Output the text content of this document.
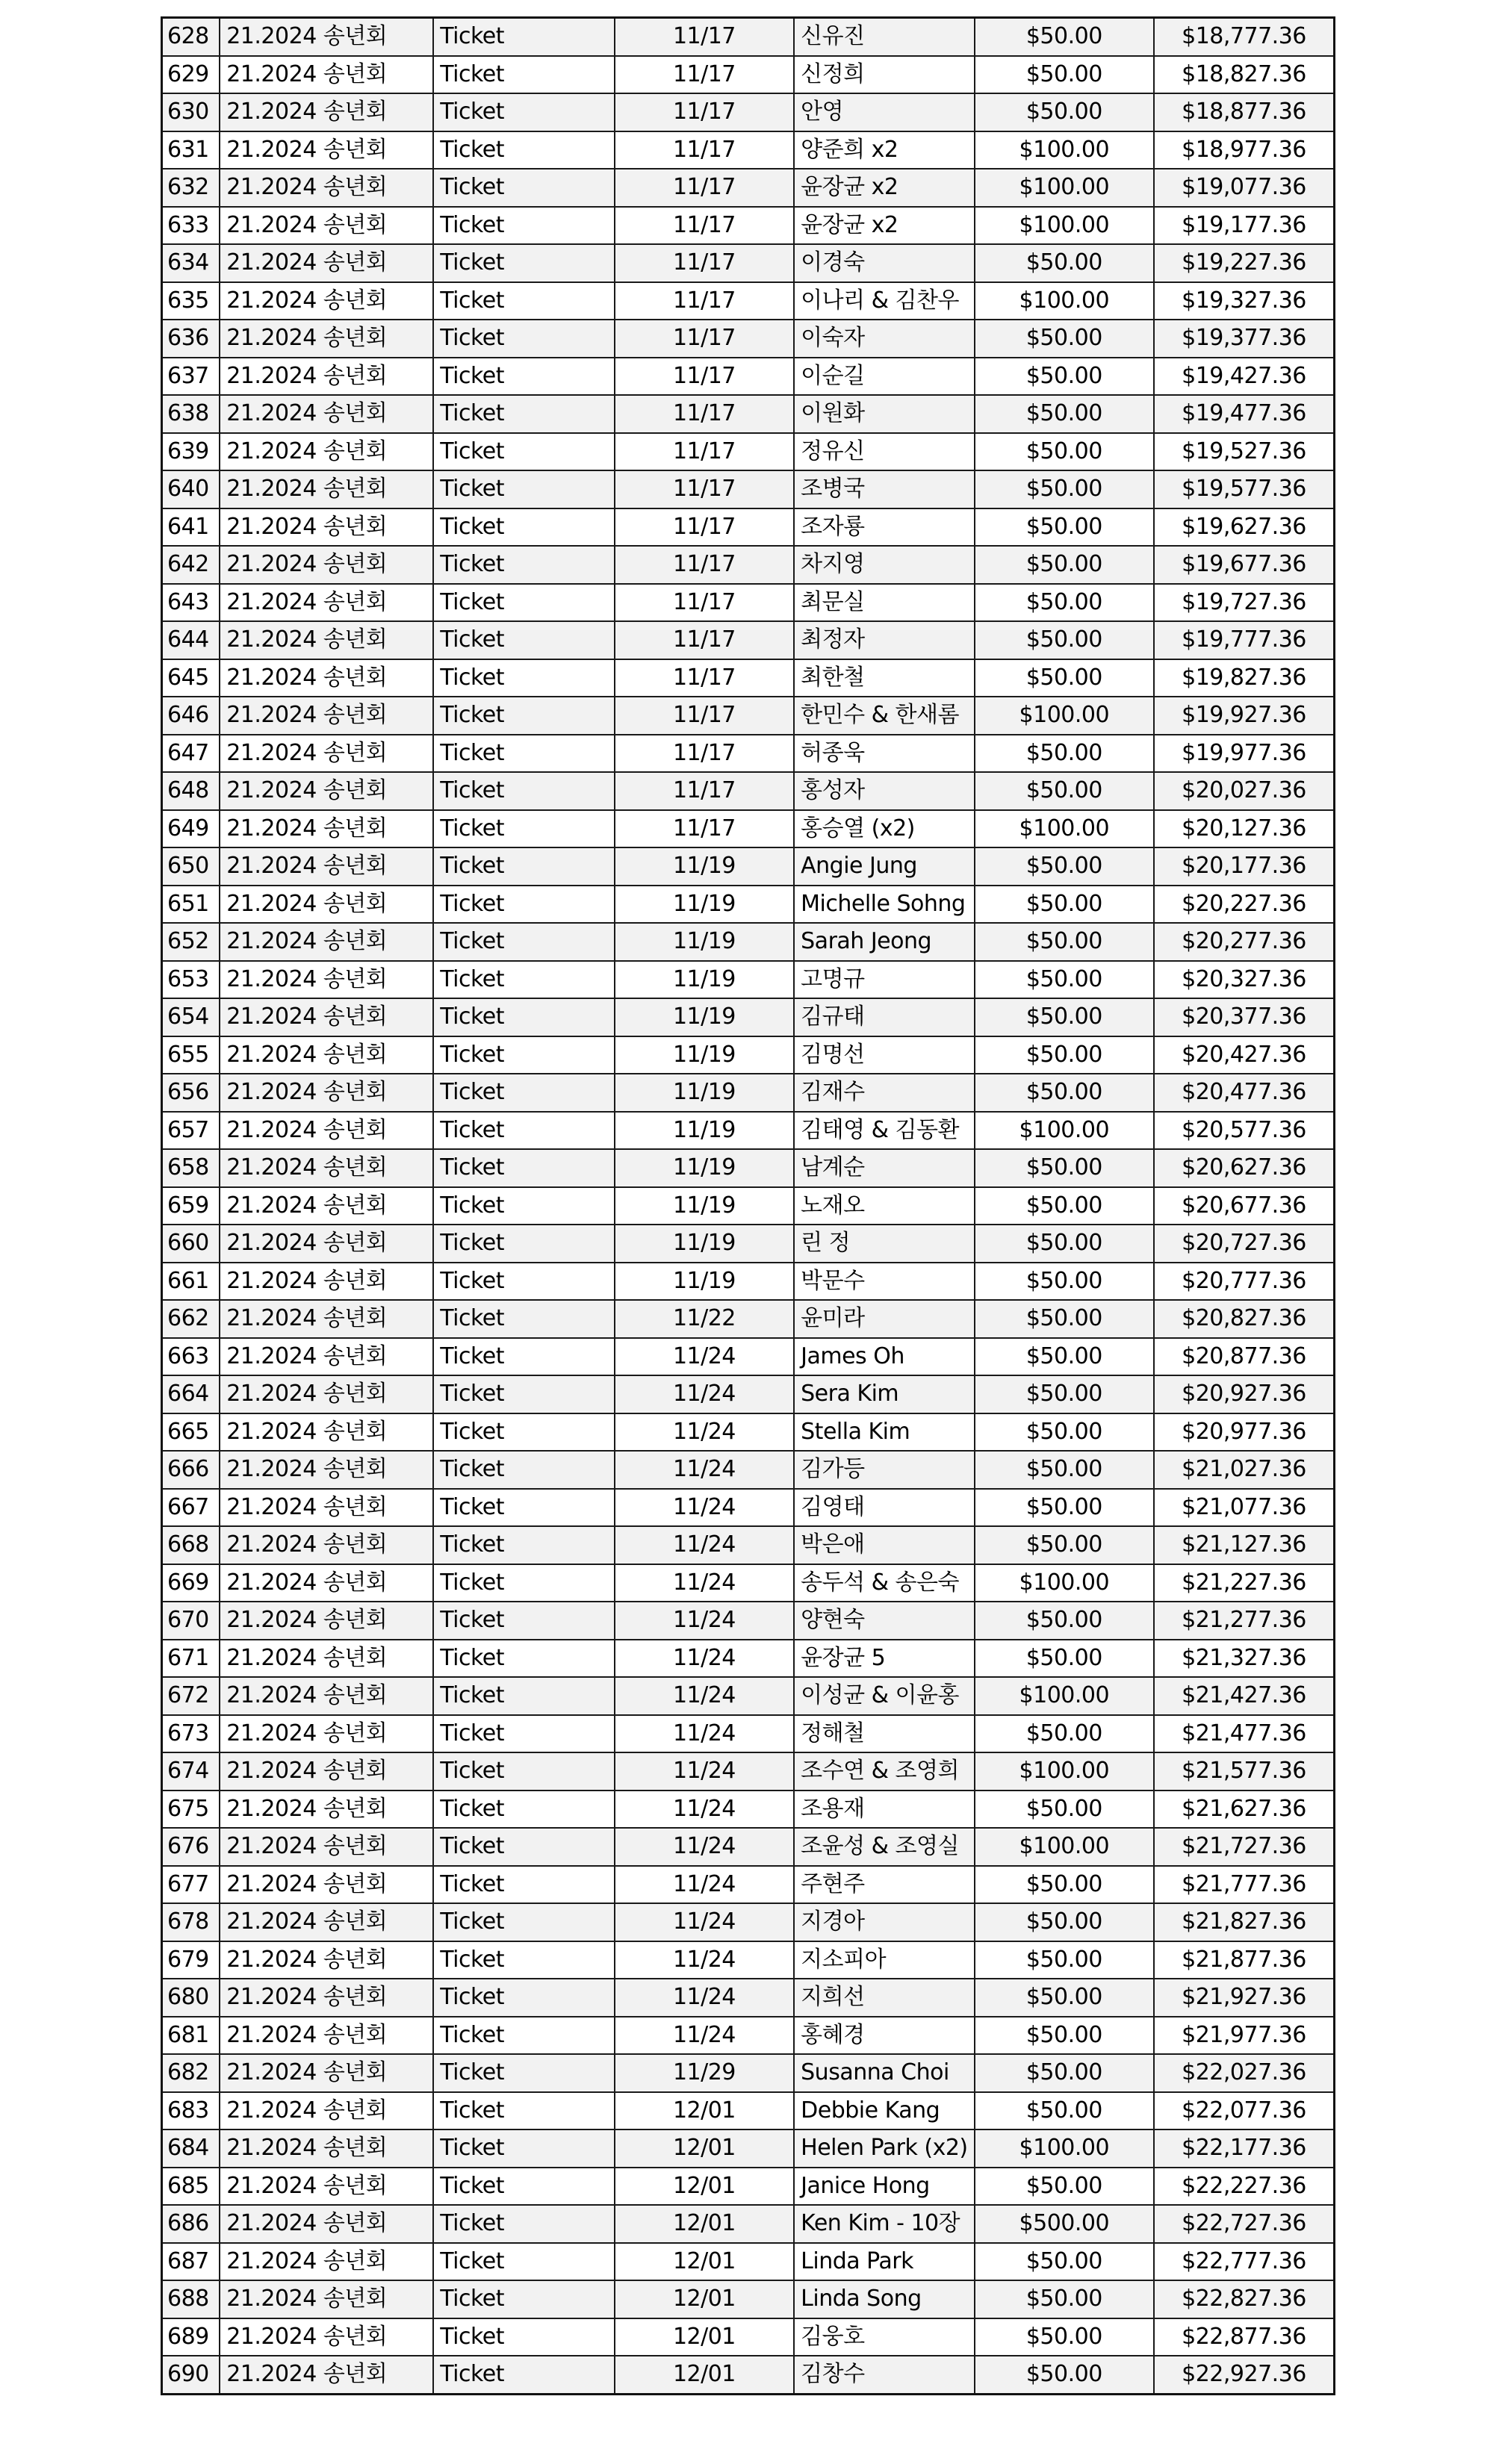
628	21.2024 송년회	Ticket	11/17	신유진	$50.00	$18,777.36
629	21.2024 송년회	Ticket	11/17	신정희	$50.00	$18,827.36
630	21.2024 송년회	Ticket	11/17	안영	$50.00	$18,877.36
631	21.2024 송년회	Ticket	11/17	양준희 x2	$100.00	$18,977.36
632	21.2024 송년회	Ticket	11/17	윤장균 x2	$100.00	$19,077.36
633	21.2024 송년회	Ticket	11/17	윤장균 x2	$100.00	$19,177.36
634	21.2024 송년회	Ticket	11/17	이경숙	$50.00	$19,227.36
635	21.2024 송년회	Ticket	11/17	이나리 & 김찬우	$100.00	$19,327.36
636	21.2024 송년회	Ticket	11/17	이숙자	$50.00	$19,377.36
637	21.2024 송년회	Ticket	11/17	이순길	$50.00	$19,427.36
638	21.2024 송년회	Ticket	11/17	이원화	$50.00	$19,477.36
639	21.2024 송년회	Ticket	11/17	정유신	$50.00	$19,527.36
640	21.2024 송년회	Ticket	11/17	조병국	$50.00	$19,577.36
641	21.2024 송년회	Ticket	11/17	조자룡	$50.00	$19,627.36
642	21.2024 송년회	Ticket	11/17	차지영	$50.00	$19,677.36
643	21.2024 송년회	Ticket	11/17	최문실	$50.00	$19,727.36
644	21.2024 송년회	Ticket	11/17	최정자	$50.00	$19,777.36
645	21.2024 송년회	Ticket	11/17	최한철	$50.00	$19,827.36
646	21.2024 송년회	Ticket	11/17	한민수 & 한새롬	$100.00	$19,927.36
647	21.2024 송년회	Ticket	11/17	허종욱	$50.00	$19,977.36
648	21.2024 송년회	Ticket	11/17	홍성자	$50.00	$20,027.36
649	21.2024 송년회	Ticket	11/17	홍승열 (x2)	$100.00	$20,127.36
650	21.2024 송년회	Ticket	11/19	Angie Jung	$50.00	$20,177.36
651	21.2024 송년회	Ticket	11/19	Michelle Sohng	$50.00	$20,227.36
652	21.2024 송년회	Ticket	11/19	Sarah Jeong	$50.00	$20,277.36
653	21.2024 송년회	Ticket	11/19	고명규	$50.00	$20,327.36
654	21.2024 송년회	Ticket	11/19	김규태	$50.00	$20,377.36
655	21.2024 송년회	Ticket	11/19	김명선	$50.00	$20,427.36
656	21.2024 송년회	Ticket	11/19	김재수	$50.00	$20,477.36
657	21.2024 송년회	Ticket	11/19	김태영 & 김동환	$100.00	$20,577.36
658	21.2024 송년회	Ticket	11/19	남계순	$50.00	$20,627.36
659	21.2024 송년회	Ticket	11/19	노재오	$50.00	$20,677.36
660	21.2024 송년회	Ticket	11/19	린 정	$50.00	$20,727.36
661	21.2024 송년회	Ticket	11/19	박문수	$50.00	$20,777.36
662	21.2024 송년회	Ticket	11/22	윤미라	$50.00	$20,827.36
663	21.2024 송년회	Ticket	11/24	James Oh	$50.00	$20,877.36
664	21.2024 송년회	Ticket	11/24	Sera Kim	$50.00	$20,927.36
665	21.2024 송년회	Ticket	11/24	Stella Kim	$50.00	$20,977.36
666	21.2024 송년회	Ticket	11/24	김가등	$50.00	$21,027.36
667	21.2024 송년회	Ticket	11/24	김영태	$50.00	$21,077.36
668	21.2024 송년회	Ticket	11/24	박은애	$50.00	$21,127.36
669	21.2024 송년회	Ticket	11/24	송두석 & 송은숙	$100.00	$21,227.36
670	21.2024 송년회	Ticket	11/24	양현숙	$50.00	$21,277.36
671	21.2024 송년회	Ticket	11/24	윤장균 5	$50.00	$21,327.36
672	21.2024 송년회	Ticket	11/24	이성균 & 이윤홍	$100.00	$21,427.36
673	21.2024 송년회	Ticket	11/24	정해철	$50.00	$21,477.36
674	21.2024 송년회	Ticket	11/24	조수연 & 조영희	$100.00	$21,577.36
675	21.2024 송년회	Ticket	11/24	조용재	$50.00	$21,627.36
676	21.2024 송년회	Ticket	11/24	조윤성 & 조영실	$100.00	$21,727.36
677	21.2024 송년회	Ticket	11/24	주현주	$50.00	$21,777.36
678	21.2024 송년회	Ticket	11/24	지경아	$50.00	$21,827.36
679	21.2024 송년회	Ticket	11/24	지소피아	$50.00	$21,877.36
680	21.2024 송년회	Ticket	11/24	지희선	$50.00	$21,927.36
681	21.2024 송년회	Ticket	11/24	홍혜경	$50.00	$21,977.36
682	21.2024 송년회	Ticket	11/29	Susanna Choi	$50.00	$22,027.36
683	21.2024 송년회	Ticket	12/01	Debbie Kang	$50.00	$22,077.36
684	21.2024 송년회	Ticket	12/01	Helen Park (x2)	$100.00	$22,177.36
685	21.2024 송년회	Ticket	12/01	Janice Hong	$50.00	$22,227.36
686	21.2024 송년회	Ticket	12/01	Ken Kim - 10장	$500.00	$22,727.36
687	21.2024 송년회	Ticket	12/01	Linda Park	$50.00	$22,777.36
688	21.2024 송년회	Ticket	12/01	Linda Song	$50.00	$22,827.36
689	21.2024 송년회	Ticket	12/01	김웅호	$50.00	$22,877.36
690	21.2024 송년회	Ticket	12/01	김창수	$50.00	$22,927.36
